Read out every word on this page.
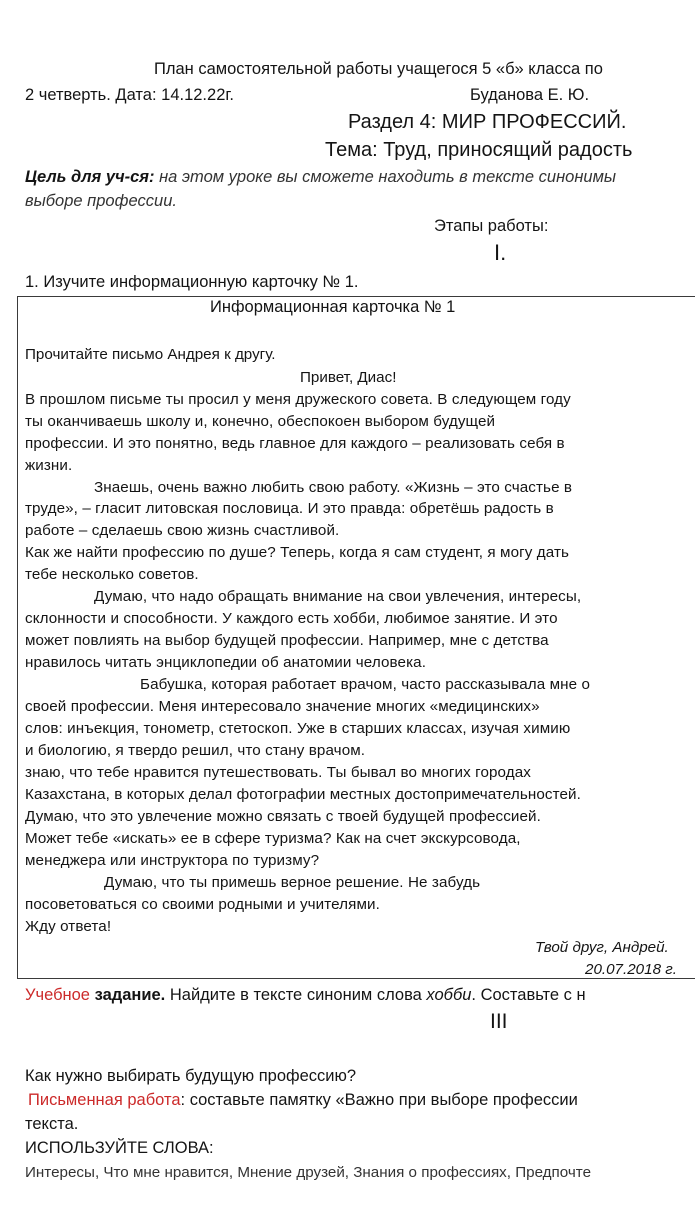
План самостоятельной работы учащегося 5 «б» класса по
2 четверть. Дата: 14.12.22г.	Буданова Е. Ю.
Раздел 4: МИР ПРОФЕССИЙ.
Тема: Труд, приносящий радость
Цель для уч-ся: на этом уроке вы сможете находить в тексте синонимы
выборе профессии.
Этапы работы:
I.
1. Изучите информационную карточку № 1.
Информационная карточка № 1
Прочитайте письмо Андрея к другу.
Привет, Диас!
В прошлом письме ты просил у меня дружеского совета. В следующем году
ты оканчиваешь школу и, конечно, обеспокоен выбором будущей
профессии. И это понятно, ведь главное для каждого – реализовать себя в
жизни.
Знаешь, очень важно любить свою работу. «Жизнь – это счастье в
труде», – гласит литовская пословица. И это правда: обретёшь радость в
работе – сделаешь свою жизнь счастливой.
Как же найти профессию по душе? Теперь, когда я сам студент, я могу дать
тебе несколько советов.
Думаю, что надо обращать внимание на свои увлечения, интересы,
склонности и способности. У каждого есть хобби, любимое занятие. И это
может повлиять на выбор будущей профессии. Например, мне с детства
нравилось читать энциклопедии об анатомии человека.
Бабушка, которая работает врачом, часто рассказывала мне о
своей профессии. Меня интересовало значение многих «медицинских»
слов: инъекция, тонометр, стетоскоп. Уже в старших классах, изучая химию
и биологию, я твердо решил, что стану врачом.
знаю, что тебе нравится путешествовать. Ты бывал во многих городах
Казахстана, в которых делал фотографии местных достопримечательностей.
Думаю, что это увлечение можно связать с твоей будущей профессией.
Может тебе «искать» ее в сфере туризма? Как на счет экскурсовода,
менеджера или инструктора по туризму?
Думаю, что ты примешь верное решение. Не забудь
посоветоваться со своими родными и учителями.
Жду ответа!
Твой друг, Андрей.
20.07.2018 г.
Учебное задание. Найдите в тексте синоним слова хобби. Составьте с н
III
Как нужно выбирать будущую профессию?
Письменная работа: составьте памятку «Важно при выборе профессии
текста.
ИСПОЛЬЗУЙТЕ СЛОВА:
Интересы, Что мне нравится, Мнение друзей, Знания о профессиях, Предпочте
